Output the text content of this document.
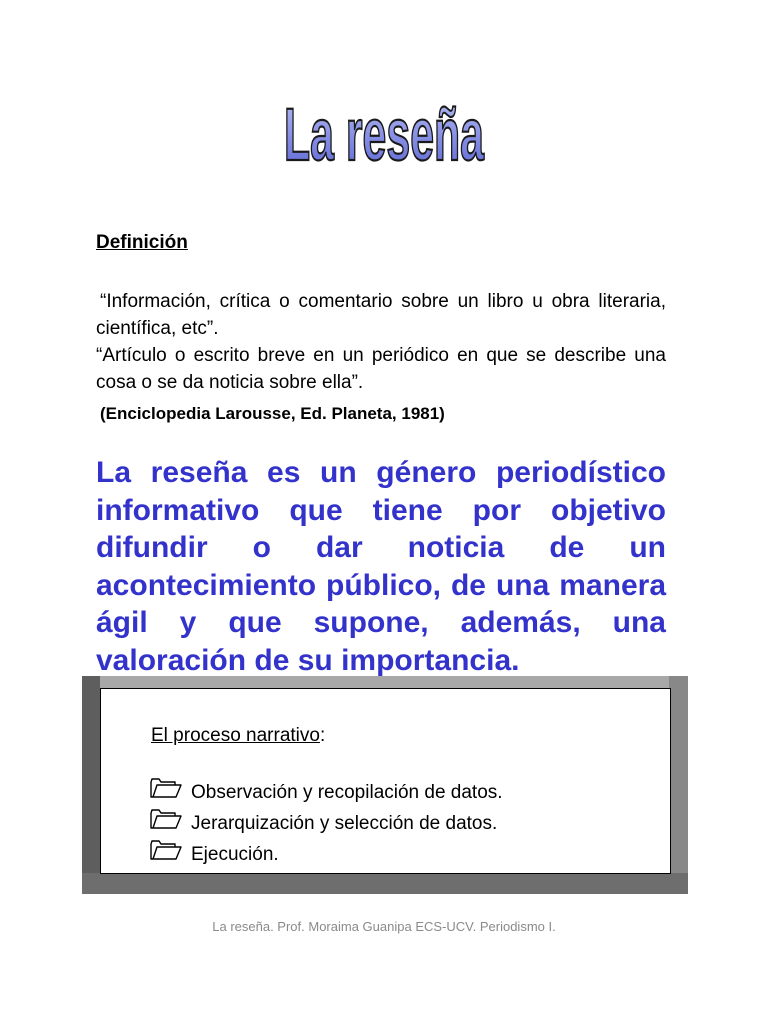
La reseña
Definición

“Información, crítica o comentario sobre un libro u obra literaria, científica, etc”.

“Artículo o escrito breve en un periódico en que se describe una cosa o se da noticia sobre ella”.

(Enciclopedia Larousse, Ed. Planeta, 1981)

La reseña es un género periodístico informativo que tiene por objetivo difundir o dar noticia de un acontecimiento público, de una manera ágil y que supone, además, una valoración de su importancia.
El proceso narrativo:
Observación y recopilación de datos.
Jerarquización y selección de datos.
Ejecución.
La reseña. Prof. Moraima Guanipa ECS-UCV. Periodismo I.
